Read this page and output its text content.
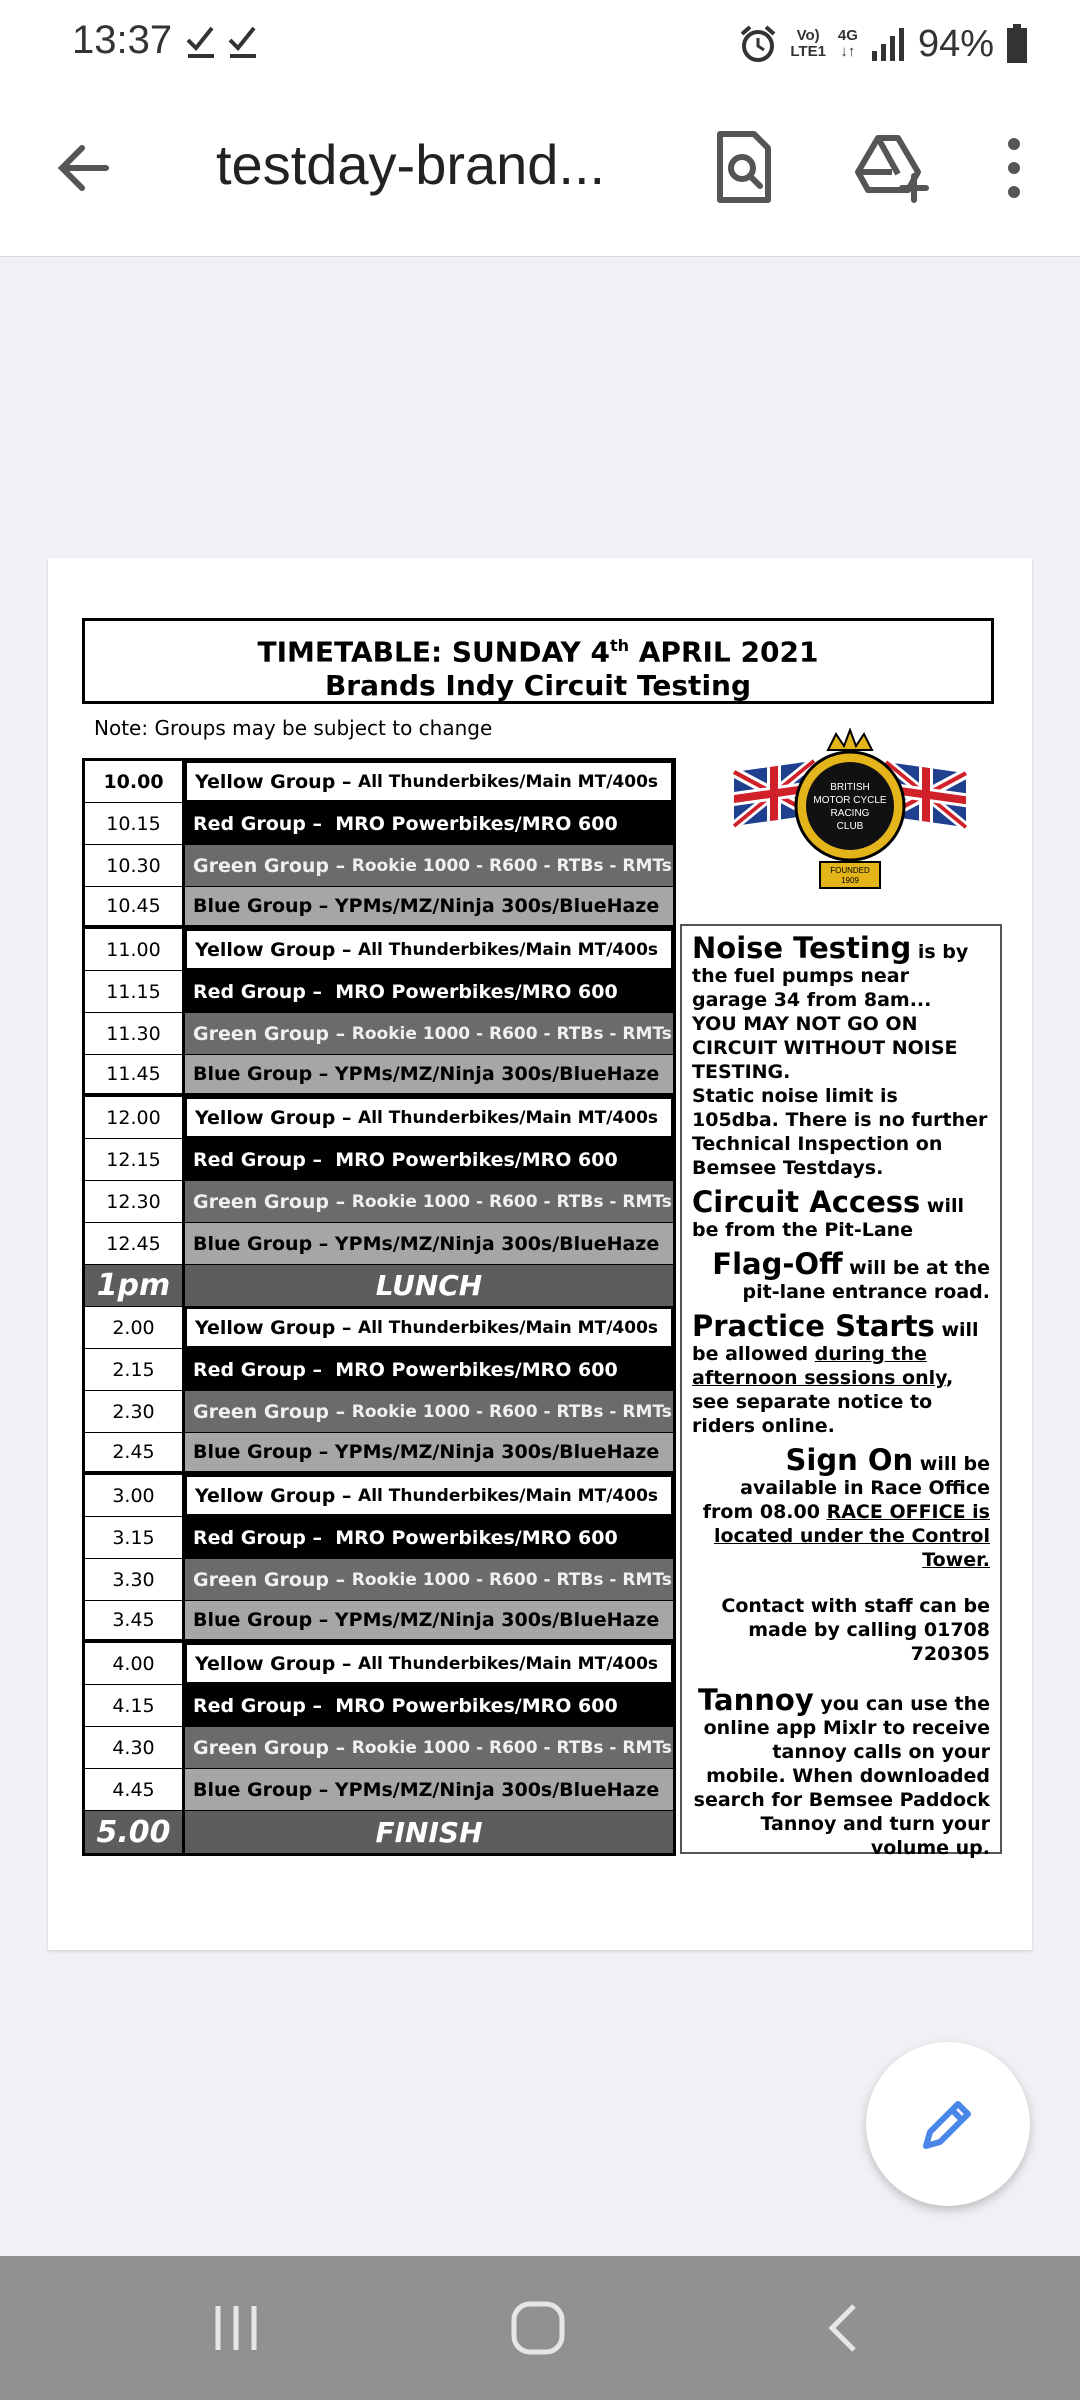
13:37	Vo)
LTE1
4G
↓↑ 94%
testday-brand...
TIMETABLE: SUNDAY 4th APRIL 2021
Brands Indy Circuit Testing
Note: Groups may be subject to change
10.00	Yellow Group – All Thunderbikes/Main MT/400s
10.15	Red Group – MRO Powerbikes/MRO 600
10.30	Green Group – Rookie 1000 - R600 - RTBs - RMTs
10.45	Blue Group – YPMs/MZ/Ninja 300s/BlueHaze
11.00	Yellow Group – All Thunderbikes/Main MT/400s
11.15	Red Group – MRO Powerbikes/MRO 600
11.30	Green Group – Rookie 1000 - R600 - RTBs - RMTs
11.45	Blue Group – YPMs/MZ/Ninja 300s/BlueHaze
12.00	Yellow Group – All Thunderbikes/Main MT/400s
12.15	Red Group – MRO Powerbikes/MRO 600
12.30	Green Group – Rookie 1000 - R600 - RTBs - RMTs
12.45	Blue Group – YPMs/MZ/Ninja 300s/BlueHaze
1pm	LUNCH
2.00	Yellow Group – All Thunderbikes/Main MT/400s
2.15	Red Group – MRO Powerbikes/MRO 600
2.30	Green Group – Rookie 1000 - R600 - RTBs - RMTs
2.45	Blue Group – YPMs/MZ/Ninja 300s/BlueHaze
3.00	Yellow Group – All Thunderbikes/Main MT/400s
3.15	Red Group – MRO Powerbikes/MRO 600
3.30	Green Group – Rookie 1000 - R600 - RTBs - RMTs
3.45	Blue Group – YPMs/MZ/Ninja 300s/BlueHaze
4.00	Yellow Group – All Thunderbikes/Main MT/400s
4.15	Red Group – MRO Powerbikes/MRO 600
4.30	Green Group – Rookie 1000 - R600 - RTBs - RMTs
4.45	Blue Group – YPMs/MZ/Ninja 300s/BlueHaze
5.00	FINISH
BRITISH
MOTOR CYCLE
RACING
CLUB
FOUNDED
1909

Noise Testing is by the fuel pumps near garage 34 from 8am...
YOU MAY NOT GO ON CIRCUIT WITHOUT NOISE TESTING.
Static noise limit is 105dba. There is no further Technical Inspection on Bemsee Testdays.

Circuit Access will be from the Pit-Lane

Flag-Off will be at the pit-lane entrance road.

Practice Starts will be allowed during the afternoon sessions only, see separate notice to riders online.

Sign On will be available in Race Office from 08.00 RACE OFFICE is located under the Control Tower.

Contact with staff can be made by calling 01708 720305

Tannoy you can use the online app Mixlr to receive tannoy calls on your mobile. When downloaded search for Bemsee Paddock Tannoy and turn your volume up.
